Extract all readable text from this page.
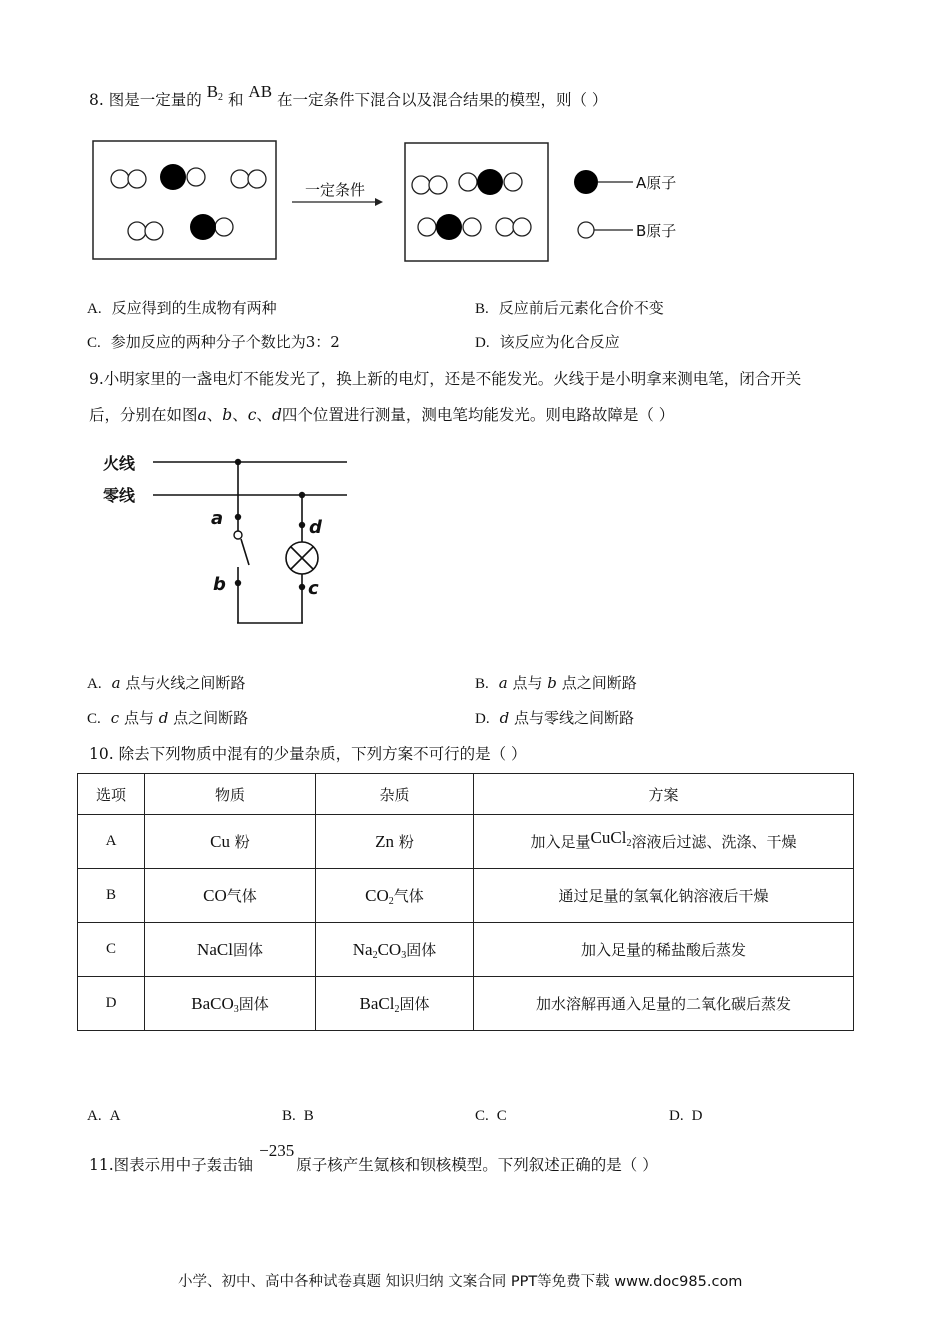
8. 图是一定量的 $B_2$ 和 AB 在一定条件下混合以及混合结果的模型，则（ ）
一定条件	A原子
B原子
A. 反应得到的生成物有两种	B. 反应前后元素化合价不变
C. 参加反应的两种分子个数比为3：2	D. 该反应为化合反应
9.小明家里的一盏电灯不能发光了，换上新的电灯，还是不能发光。火线于是小明拿来测电笔，闭合开关
后，分别在如图a、b、c、d四个位置进行测量，测电笔均能发光。则电路故障是（ ）
火线
零线
a
b
d
c
A. a 点与火线之间断路	B. a 点与 b 点之间断路
C. c 点与 d 点之间断路	D. d 点与零线之间断路
10. 除去下列物质中混有的少量杂质，下列方案不可行的是（ ）
选项	物质	杂质	方案
A	Cu 粉	Zn 粉	加入足量CuCl$_2$溶液后过滤、洗涤、干燥
B	CO气体	$CO_2$气体	通过足量的氢氧化钠溶液后干燥
C	NaCl固体	$Na_2CO_3$固体	加入足量的稀盐酸后蒸发
D	BaCO$_3$固体	BaCl$_2$固体	加水溶解再通入足量的二氧化碳后蒸发
A. A	B. B	C. C	D. D
11.图表示用中子轰击铀−235原子核产生氪核和钡核模型。下列叙述正确的是（ ）
小学、初中、高中各种试卷真题 知识归纳 文案合同 PPT等免费下载 www.doc985.com
